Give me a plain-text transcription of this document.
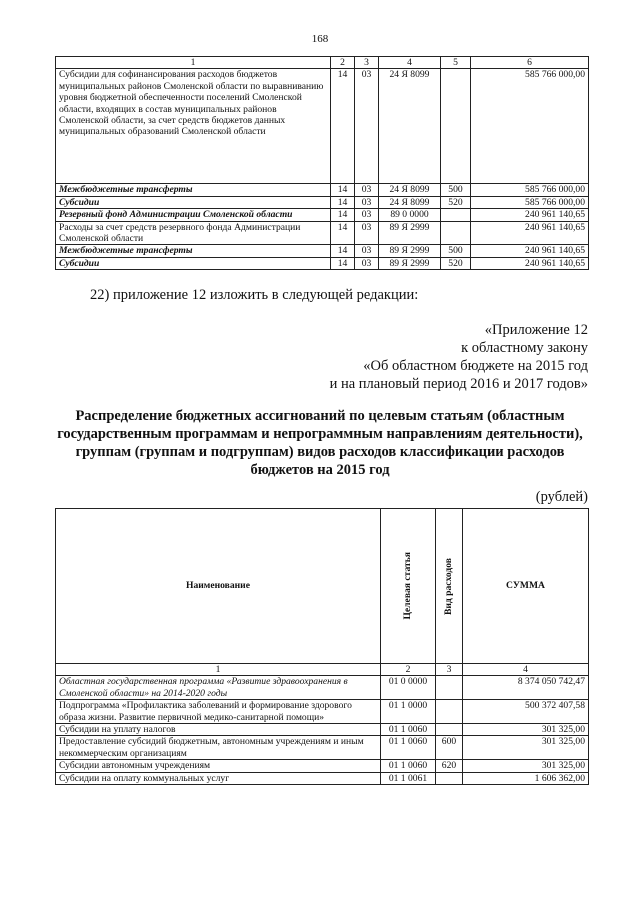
168
1	2	3	4	5	6
Субсидии для софинансирования расходов бюджетов муниципальных районов Смоленской области по выравниванию уровня бюджетной обеспеченности поселений Смоленской области, входящих в состав муниципальных районов Смоленской области, за счет средств бюджетов данных муниципальных образований Смоленской области	14	03	24 Я 8099		585 766 000,00
Межбюджетные трансферты	14	03	24 Я 8099	500	585 766 000,00
Субсидии	14	03	24 Я 8099	520	585 766 000,00
Резервный фонд Администрации Смоленской области	14	03	89 0 0000		240 961 140,65
Расходы за счет средств резервного фонда Администрации Смоленской области	14	03	89 Я 2999		240 961 140,65
Межбюджетные трансферты	14	03	89 Я 2999	500	240 961 140,65
Субсидии	14	03	89 Я 2999	520	240 961 140,65
22) приложение 12 изложить в следующей редакции:
«Приложение 12
к областному закону
«Об областном бюджете на 2015 год
и на плановый период 2016 и 2017 годов»
Распределение бюджетных ассигнований по целевым статьям (областным
государственным программам и непрограммным направлениям деятельности),
группам (группам и подгруппам) видов расходов классификации расходов
бюджетов на 2015 год
(рублей)
Наименование	Целевая статья	Вид расходов	СУММА
1	2	3	4
Областная государственная программа «Развитие здравоохранения в Смоленской области» на 2014-2020 годы	01 0 0000		8 374 050 742,47
Подпрограмма «Профилактика заболеваний и формирование здорового образа жизни. Развитие первичной медико-санитарной помощи»	01 1 0000		500 372 407,58
Субсидии на уплату налогов	01 1 0060		301 325,00
Предоставление субсидий бюджетным, автономным учреждениям и иным некоммерческим организациям	01 1 0060	600	301 325,00
Субсидии автономным учреждениям	01 1 0060	620	301 325,00
Субсидии на оплату коммунальных услуг	01 1 0061		1 606 362,00
